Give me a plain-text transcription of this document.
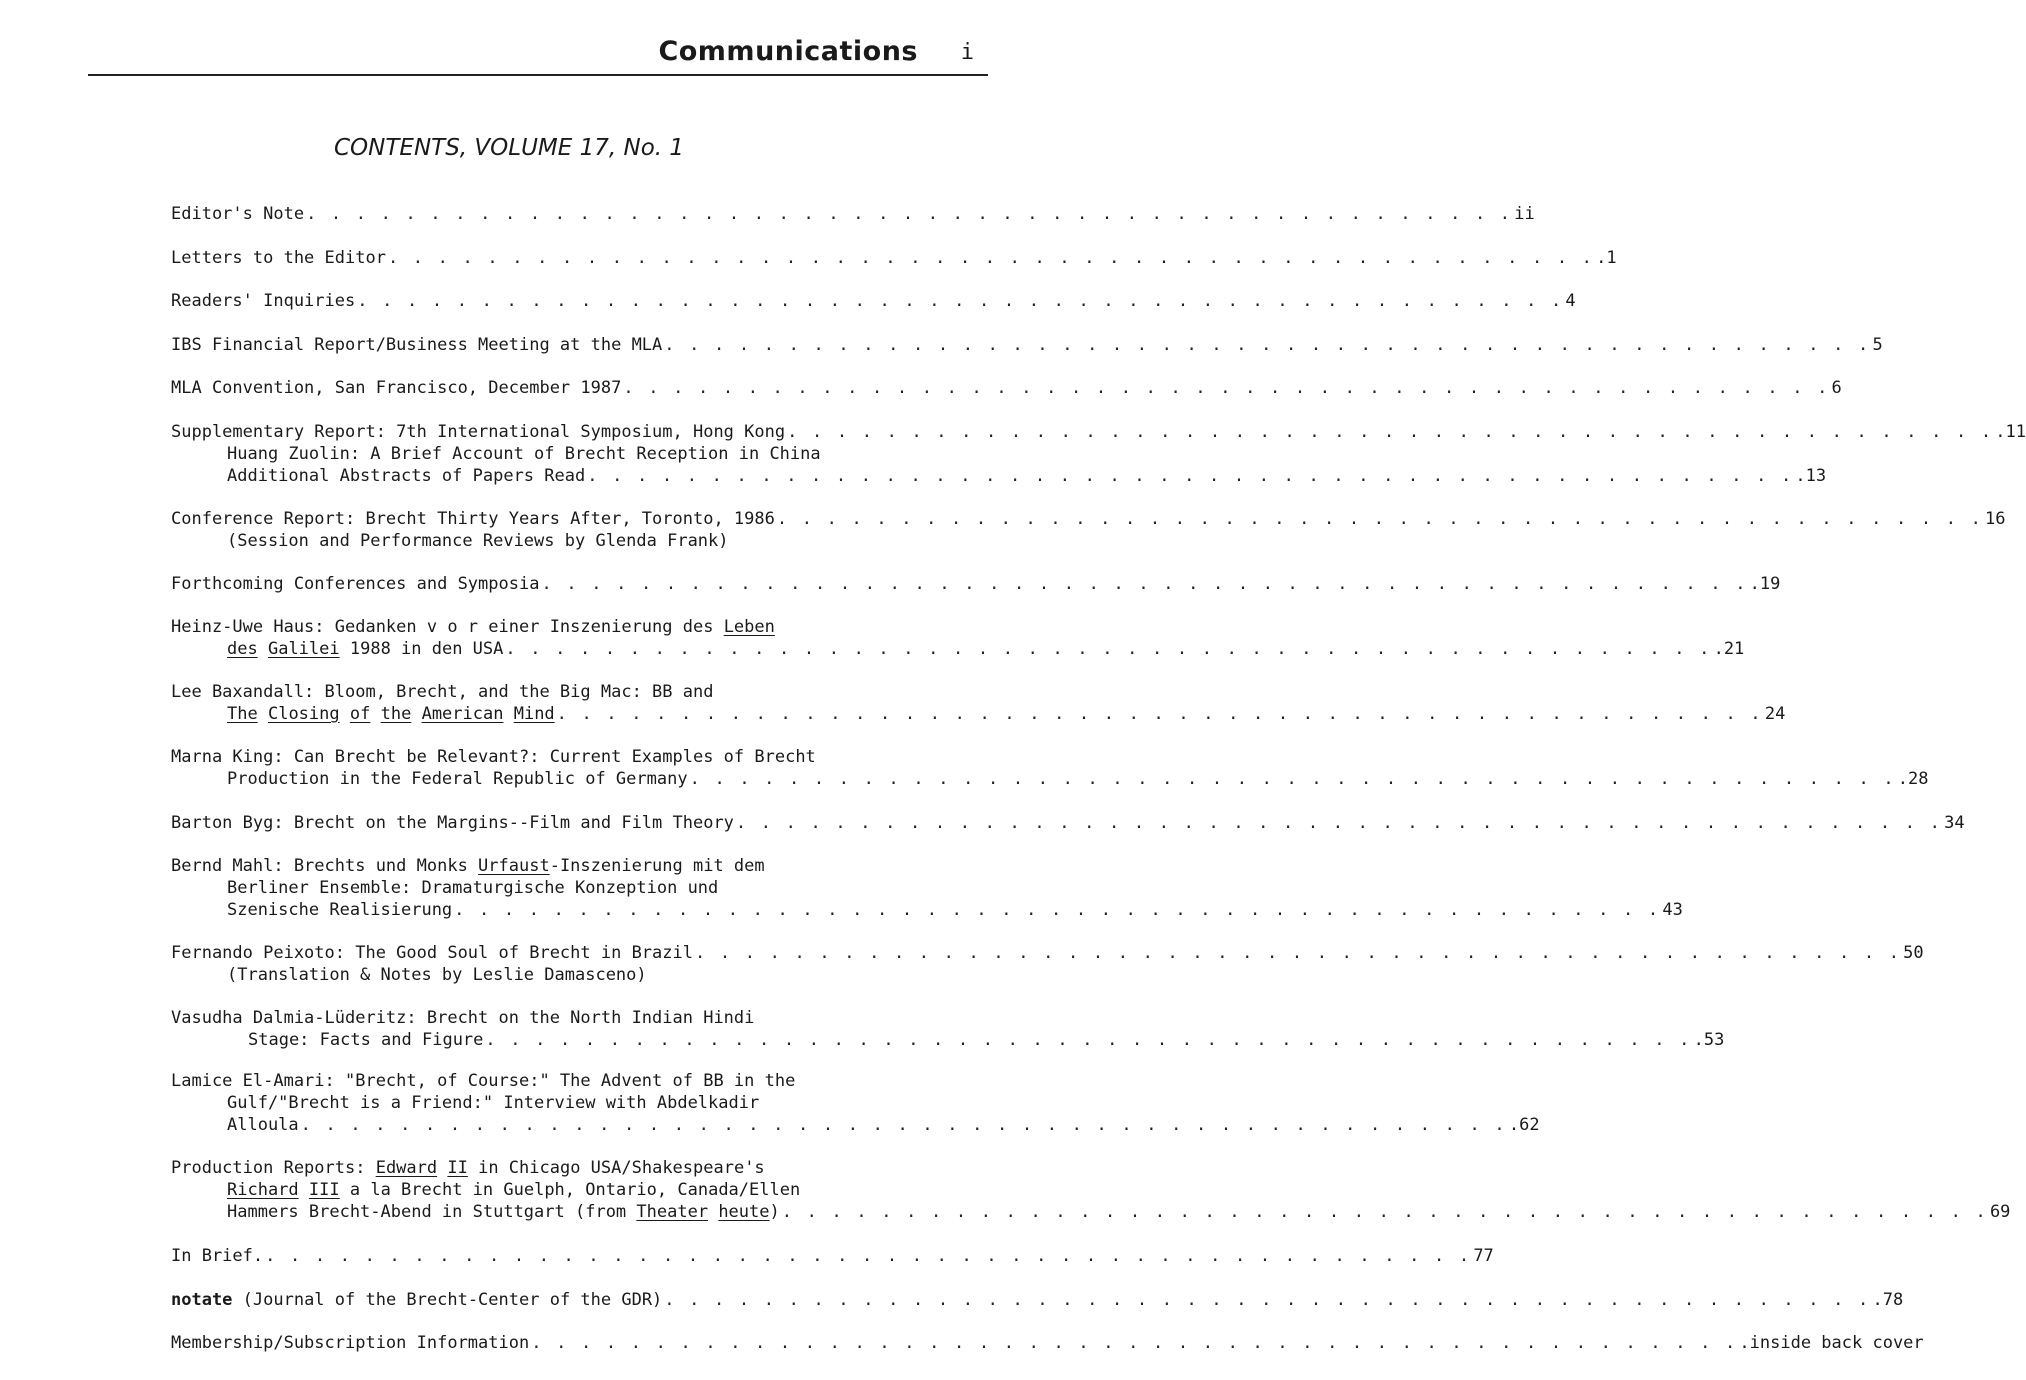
Communications i
CONTENTS, VOLUME 17, No. 1
Editor's Note . . . . . . . . . . . . . . . . . . . . . . . . . . . . . . . . . . . . . . . . . . . . . . . . . ii
Letters to the Editor . . . . . . . . . . . . . . . . . . . . . . . . . . . . . . . . . . . . . . . . . . . . . . . . . .1
Readers' Inquiries . . . . . . . . . . . . . . . . . . . . . . . . . . . . . . . . . . . . . . . . . . . . . . . . . 4
IBS Financial Report/Business Meeting at the MLA . . . . . . . . . . . . . . . . . . . . . . . . . . . . . . . . . . . . . . . . . . . . . . . . . 5
MLA Convention, San Francisco, December 1987 . . . . . . . . . . . . . . . . . . . . . . . . . . . . . . . . . . . . . . . . . . . . . . . . . 6
Supplementary Report: 7th International Symposium, Hong Kong . . . . . . . . . . . . . . . . . . . . . . . . . . . . . . . . . . . . . . . . . . . . . . . . . .11
Huang Zuolin: A Brief Account of Brecht Reception in China
Additional Abstracts of Papers Read . . . . . . . . . . . . . . . . . . . . . . . . . . . . . . . . . . . . . . . . . . . . . . . . . .13
Conference Report: Brecht Thirty Years After, Toronto, 1986 . . . . . . . . . . . . . . . . . . . . . . . . . . . . . . . . . . . . . . . . . . . . . . . . . 16
(Session and Performance Reviews by Glenda Frank)
Forthcoming Conferences and Symposia . . . . . . . . . . . . . . . . . . . . . . . . . . . . . . . . . . . . . . . . . . . . . . . . . .19
Heinz-Uwe Haus: Gedanken v o r einer Inszenierung des Leben
des Galilei 1988 in den USA . . . . . . . . . . . . . . . . . . . . . . . . . . . . . . . . . . . . . . . . . . . . . . . . . .21
Lee Baxandall: Bloom, Brecht, and the Big Mac: BB and
The Closing of the American Mind . . . . . . . . . . . . . . . . . . . . . . . . . . . . . . . . . . . . . . . . . . . . . . . . . 24
Marna King: Can Brecht be Relevant?: Current Examples of Brecht
Production in the Federal Republic of Germany . . . . . . . . . . . . . . . . . . . . . . . . . . . . . . . . . . . . . . . . . . . . . . . . . .28
Barton Byg: Brecht on the Margins--Film and Film Theory . . . . . . . . . . . . . . . . . . . . . . . . . . . . . . . . . . . . . . . . . . . . . . . . . 34
Bernd Mahl: Brechts und Monks Urfaust-Inszenierung mit dem
Berliner Ensemble: Dramaturgische Konzeption und
Szenische Realisierung . . . . . . . . . . . . . . . . . . . . . . . . . . . . . . . . . . . . . . . . . . . . . . . . . 43
Fernando Peixoto: The Good Soul of Brecht in Brazil . . . . . . . . . . . . . . . . . . . . . . . . . . . . . . . . . . . . . . . . . . . . . . . . . 50
(Translation & Notes by Leslie Damasceno)
Vasudha Dalmia-Lüderitz: Brecht on the North Indian Hindi
Stage: Facts and Figure . . . . . . . . . . . . . . . . . . . . . . . . . . . . . . . . . . . . . . . . . . . . . . . . . .53
Lamice El-Amari: "Brecht, of Course:" The Advent of BB in the
Gulf/"Brecht is a Friend:" Interview with Abdelkadir
Alloula . . . . . . . . . . . . . . . . . . . . . . . . . . . . . . . . . . . . . . . . . . . . . . . . . .62
Production Reports: Edward II in Chicago USA/Shakespeare's
Richard III a la Brecht in Guelph, Ontario, Canada/Ellen
Hammers Brecht-Abend in Stuttgart (from Theater heute) . . . . . . . . . . . . . . . . . . . . . . . . . . . . . . . . . . . . . . . . . . . . . . . . . 69
In Brief. . . . . . . . . . . . . . . . . . . . . . . . . . . . . . . . . . . . . . . . . . . . . . . . . . 77
notate (Journal of the Brecht-Center of the GDR) . . . . . . . . . . . . . . . . . . . . . . . . . . . . . . . . . . . . . . . . . . . . . . . . . .78
Membership/Subscription Information . . . . . . . . . . . . . . . . . . . . . . . . . . . . . . . . . . . . . . . . . . . . . . . . . .inside back cover
